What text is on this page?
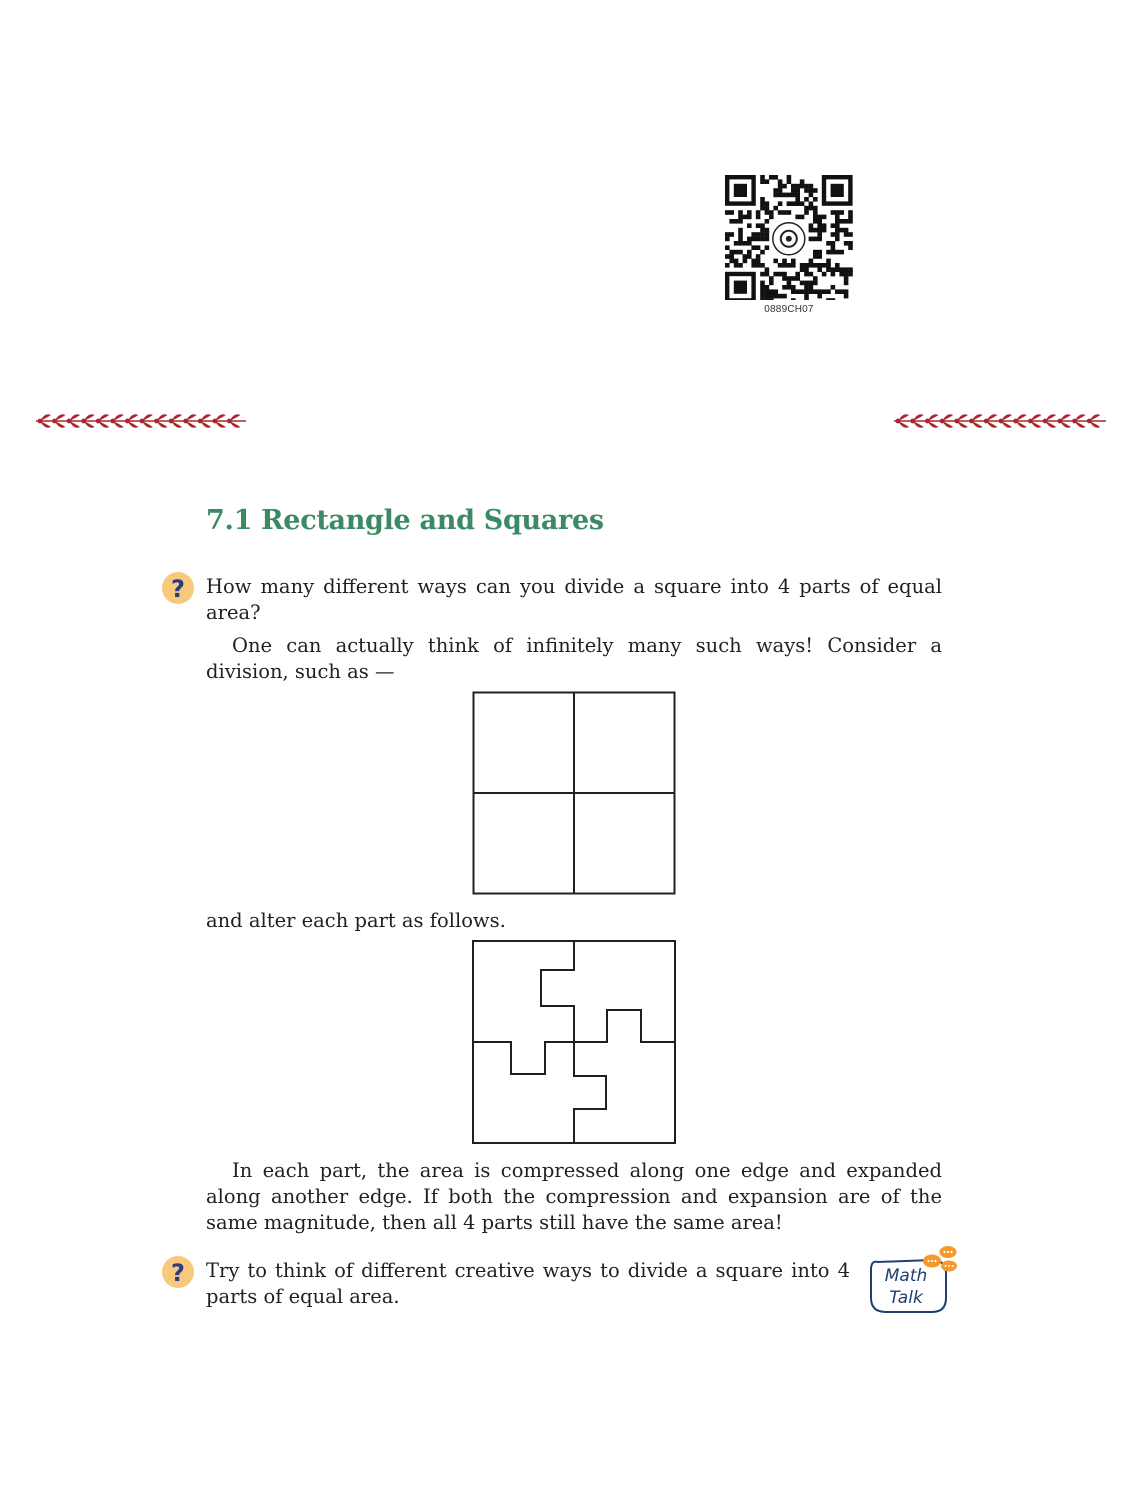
0889CH07
7.1 Rectangle and Squares
? How many different ways can you divide a square into 4 parts of equal area?

One can actually think of infinitely many such ways! Consider a division, such as —

and alter each part as follows.

In each part, the area is compressed along one edge and expanded along another edge. If both the compression and expansion are of the same magnitude, then all 4 parts still have the same area!

? Try to think of different creative ways to divide a square into 4 parts of equal area.

Math
Talk
